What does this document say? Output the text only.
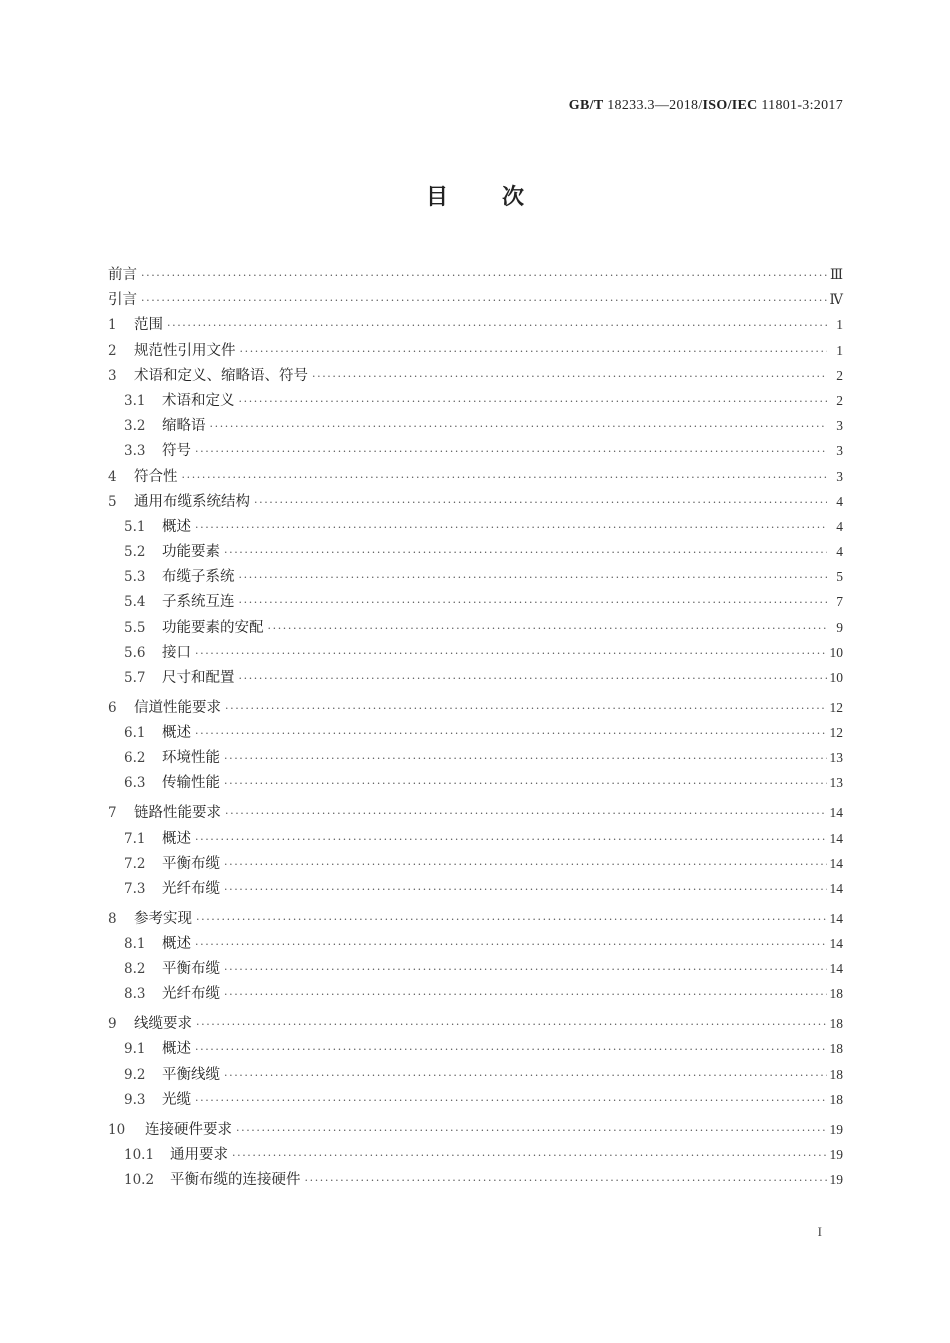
GB/T 18233.3—2018/ISO/IEC 11801-3:2017
目 次
前言 ·····	Ⅲ
引言 ·····	Ⅳ
1	范围 ·····	1
2	规范性引用文件 ·····	1
3	术语和定义、缩略语、符号 ·····	2
3.1	术语和定义 ·····	2
3.2	缩略语 ·····	3
3.3	符号 ·····	3
4	符合性 ·····	3
5	通用布缆系统结构 ·····	4
5.1	概述 ·····	4
5.2	功能要素 ·····	4
5.3	布缆子系统 ·····	5
5.4	子系统互连 ·····	7
5.5	功能要素的安配 ·····	9
5.6	接口 ·····	10
5.7	尺寸和配置 ·····	10
6	信道性能要求 ·····	12
6.1	概述 ·····	12
6.2	环境性能 ·····	13
6.3	传输性能 ·····	13
7	链路性能要求 ·····	14
7.1	概述 ·····	14
7.2	平衡布缆 ·····	14
7.3	光纤布缆 ·····	14
8	参考实现 ·····	14
8.1	概述 ·····	14
8.2	平衡布缆 ·····	14
8.3	光纤布缆 ·····	18
9	线缆要求 ·····	18
9.1	概述 ·····	18
9.2	平衡线缆 ·····	18
9.3	光缆 ·····	18
10	连接硬件要求 ·····	19
10.1	通用要求 ·····	19
10.2	平衡布缆的连接硬件 ·····	19
I
